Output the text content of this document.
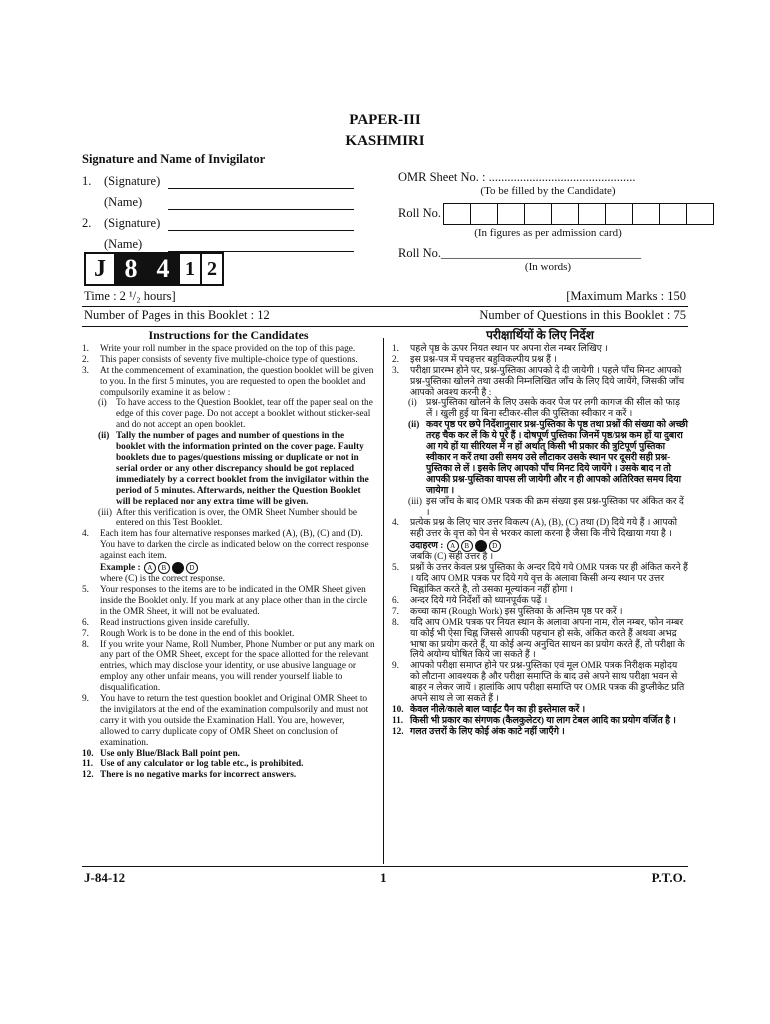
PAPER-III
KASHMIRI
Signature and Name of Invigilator
1. (Signature)
(Name)
2. (Signature)
(Name)
OMR Sheet No. : ...............................................
(To be filled by the Candidate)
Roll No.
(In figures as per admission card)
Roll No.________________________________
(In words)
J 8 4 1 2
Time : 2 ¹/₂ hours]	[Maximum Marks : 150
Number of Pages in this Booklet : 12	Number of Questions in this Booklet : 75
Instructions for the Candidates
1.	Write your roll number in the space provided on the top of this page.
2.	This paper consists of seventy five multiple-choice type of questions.
3.	At the commencement of examination, the question booklet will be given to you. In the first 5 minutes, you are requested to open the booklet and compulsorily examine it as below :
(i) To have access to the Question Booklet, tear off the paper seal on the edge of this cover page. Do not accept a booklet without sticker-seal and do not accept an open booklet.
(ii) Tally the number of pages and number of questions in the booklet with the information printed on the cover page. Faulty booklets due to pages/questions missing or duplicate or not in serial order or any other discrepancy should be got replaced immediately by a correct booklet from the invigilator within the period of 5 minutes. Afterwards, neither the Question Booklet will be replaced nor any extra time will be given.
(iii) After this verification is over, the OMR Sheet Number should be entered on this Test Booklet.
4.	Each item has four alternative responses marked (A), (B), (C) and (D). You have to darken the circle as indicated below on the correct response against each item.
Example : A B	D
where (C) is the correct response.
5.	Your responses to the items are to be indicated in the OMR Sheet given inside the Booklet only. If you mark at any place other than in the circle in the OMR Sheet, it will not be evaluated.
6.	Read instructions given inside carefully.
7.	Rough Work is to be done in the end of this booklet.
8.	If you write your Name, Roll Number, Phone Number or put any mark on any part of the OMR Sheet, except for the space allotted for the relevant entries, which may disclose your identity, or use abusive language or employ any other unfair means, you will render yourself liable to disqualification.
9.	You have to return the test question booklet and Original OMR Sheet to the invigilators at the end of the examination compulsorily and must not carry it with you outside the Examination Hall. You are, however, allowed to carry duplicate copy of OMR Sheet on conclusion of examination.
10. Use only Blue/Black Ball point pen.
11. Use of any calculator or log table etc., is prohibited.
12. There is no negative marks for incorrect answers.
परीक्षार्थियों के लिए निर्देश
1.	पहले पृष्ठ के ऊपर नियत स्थान पर अपना रोल नम्बर लिखिए ।
2.	इस प्रश्न-पत्र में पचहत्तर बहुविकल्पीय प्रश्न हैं ।
3.	परीक्षा प्रारम्भ होने पर, प्रश्न-पुस्तिका आपको दे दी जायेगी । पहले पाँच मिनट आपको प्रश्न-पुस्तिका खोलने तथा उसकी निम्नलिखित जाँच के लिए दिये जायेंगे, जिसकी जाँच आपको अवश्य करनी है :
(i) प्रश्न-पुस्तिका खोलने के लिए उसके कवर पेज पर लगी कागज की सील को फाड़ लें । खुली हुई या बिना स्टीकर-सील की पुस्तिका स्वीकार न करें ।
(ii) कवर पृष्ठ पर छपे निर्देशानुसार प्रश्न-पुस्तिका के पृष्ठ तथा प्रश्नों की संख्या को अच्छी तरह चैक कर लें कि ये पूरे हैं । दोषपूर्ण पुस्तिका जिनमें पृष्ठ/प्रश्न कम हों या दुबारा आ गये हों या सीरियल में न हों अर्थात् किसी भी प्रकार की त्रुटिपूर्ण पुस्तिका स्वीकार न करें तथा उसी समय उसे लौटाकर उसके स्थान पर दूसरी सही प्रश्न-पुस्तिका ले लें । इसके लिए आपको पाँच मिनट दिये जायेंगे । उसके बाद न तो आपकी प्रश्न-पुस्तिका वापस ली जायेगी और न ही आपको अतिरिक्त समय दिया जायेगा ।
(iii) इस जाँच के बाद OMR पत्रक की क्रम संख्या इस प्रश्न-पुस्तिका पर अंकित कर दें ।
4.	प्रत्येक प्रश्न के लिए चार उत्तर विकल्प (A), (B), (C) तथा (D) दिये गये हैं । आपको सही उत्तर के वृत्त को पेन से भरकर काला करना है जैसा कि नीचे दिखाया गया है ।
उदाहरण : A B	D
जबकि (C) सही उत्तर है ।
5.	प्रश्नों के उत्तर केवल प्रश्न पुस्तिका के अन्दर दिये गये OMR पत्रक पर ही अंकित करने हैं । यदि आप OMR पत्रक पर दिये गये वृत्त के अलावा किसी अन्य स्थान पर उत्तर चिह्नांकित करते है, तो उसका मूल्यांकन नहीं होगा ।
6.	अन्दर दिये गये निर्देशों को ध्यानपूर्वक पढ़ें ।
7.	कच्चा काम (Rough Work) इस पुस्तिका के अन्तिम पृष्ठ पर करें ।
8.	यदि आप OMR पत्रक पर नियत स्थान के अलावा अपना नाम, रोल नम्बर, फोन नम्बर या कोई भी ऐसा चिह्न जिससे आपकी पहचान हो सके, अंकित करते हैं अथवा अभद्र भाषा का प्रयोग करते हैं, या कोई अन्य अनुचित साधन का प्रयोग करते हैं, तो परीक्षा के लिये अयोग्य घोषित किये जा सकते हैं ।
9.	आपको परीक्षा समाप्त होने पर प्रश्न-पुस्तिका एवं मूल OMR पत्रक निरीक्षक महोदय को लौटाना आवश्यक है और परीक्षा समाप्ति के बाद उसे अपने साथ परीक्षा भवन से बाहर न लेकर जायें । हालांकि आप परीक्षा समाप्ति पर OMR पत्रक की डुप्लीकेट प्रति अपने साथ ले जा सकते हैं ।
10. केवल नीले/काले बाल प्वाईंट पैन का ही इस्तेमाल करें ।
11. किसी भी प्रकार का संगणक (कैलकुलेटर) या लाग टेबल आदि का प्रयोग वर्जित है ।
12. गलत उत्तरों के लिए कोई अंक काटे नहीं जाएँगे ।
J-84-12	1	P.T.O.
